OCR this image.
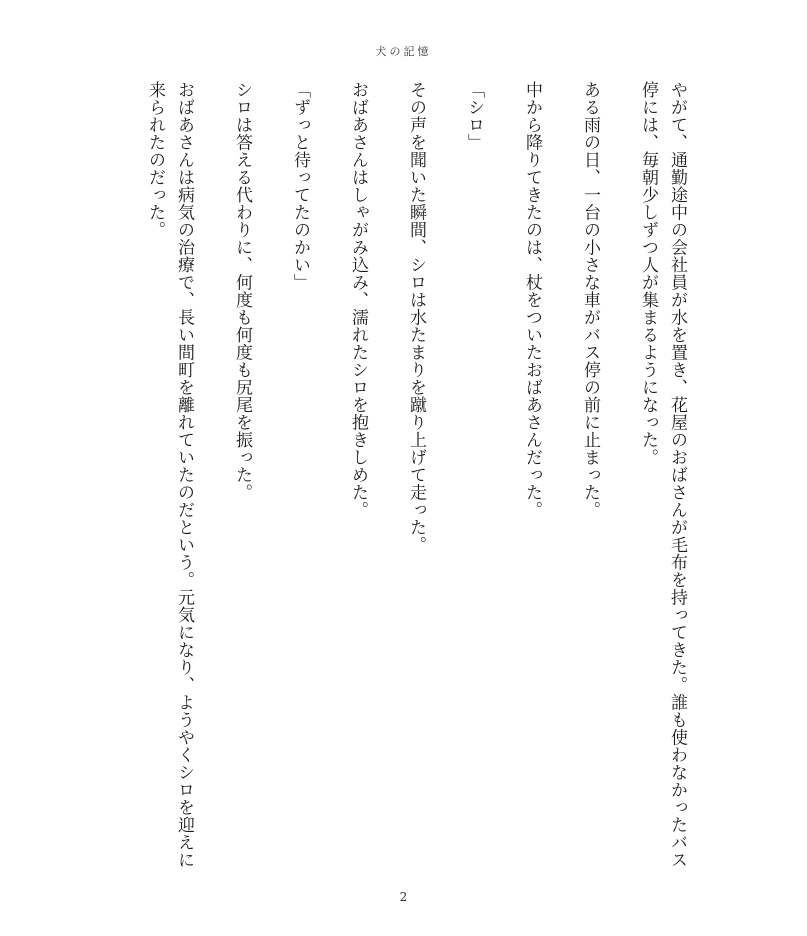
犬の記憶

やがて、通勤途中の会社員が水を置き、花屋のおばさんが毛布を持ってきた。誰も使わなかったバス停には、毎朝少しずつ人が集まるようになった。

ある雨の日、一台の小さな車がバス停の前に止まった。

中から降りてきたのは、杖をついたおばあさんだった。

「シロ」

その声を聞いた瞬間、シロは水たまりを蹴り上げて走った。

おばあさんはしゃがみ込み、濡れたシロを抱きしめた。

「ずっと待ってたのかい」

シロは答える代わりに、何度も何度も尻尾を振った。

おばあさんは病気の治療で、長い間町を離れていたのだという。元気になり、ようやくシロを迎えに来られたのだった。

2
